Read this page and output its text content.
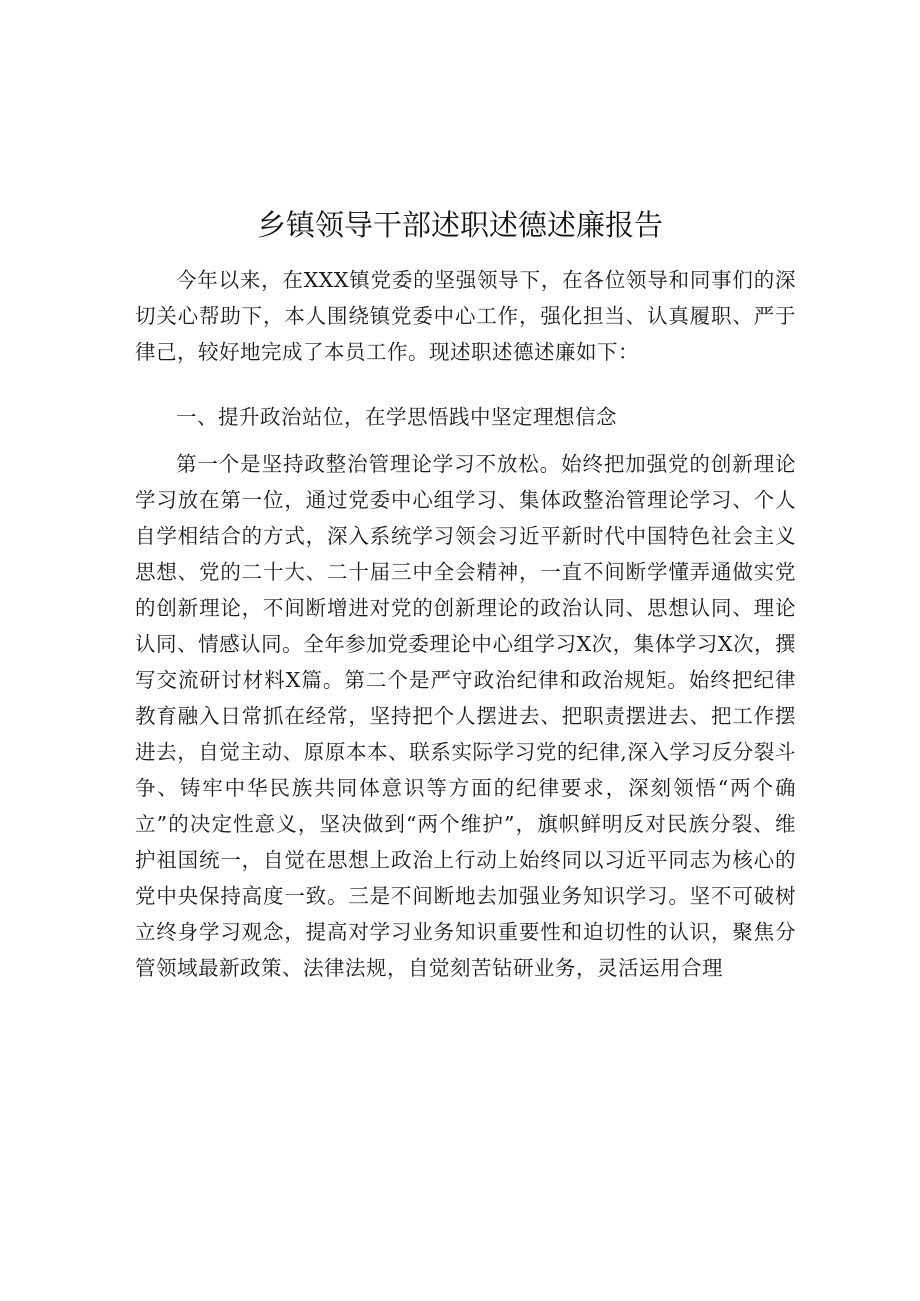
乡镇领导干部述职述德述廉报告

今年以来，在XXX镇党委的坚强领导下，在各位领导和同事们的深切关心帮助下，本人围绕镇党委中心工作，强化担当、认真履职、严于律己，较好地完成了本员工作。现述职述德述廉如下：

一、提升政治站位，在学思悟践中坚定理想信念

第一个是坚持政整治管理论学习不放松。始终把加强党的创新理论学习放在第一位，通过党委中心组学习、集体政整治管理论学习、个人自学相结合的方式，深入系统学习领会习近平新时代中国特色社会主义思想、党的二十大、二十届三中全会精神，一直不间断学懂弄通做实党的创新理论，不间断增进对党的创新理论的政治认同、思想认同、理论认同、情感认同。全年参加党委理论中心组学习X次，集体学习X次，撰写交流研讨材料X篇。第二个是严守政治纪律和政治规矩。始终把纪律教育融入日常抓在经常，坚持把个人摆进去、把职责摆进去、把工作摆进去，自觉主动、原原本本、联系实际学习党的纪律,深入学习反分裂斗争、铸牢中华民族共同体意识等方面的纪律要求，深刻领悟“两个确立”的决定性意义，坚决做到“两个维护”，旗帜鲜明反对民族分裂、维护祖国统一，自觉在思想上政治上行动上始终同以习近平同志为核心的党中央保持高度一致。三是不间断地去加强业务知识学习。坚不可破树立终身学习观念，提高对学习业务知识重要性和迫切性的认识，聚焦分管领域最新政策、法律法规，自觉刻苦钻研业务，灵活运用合理
